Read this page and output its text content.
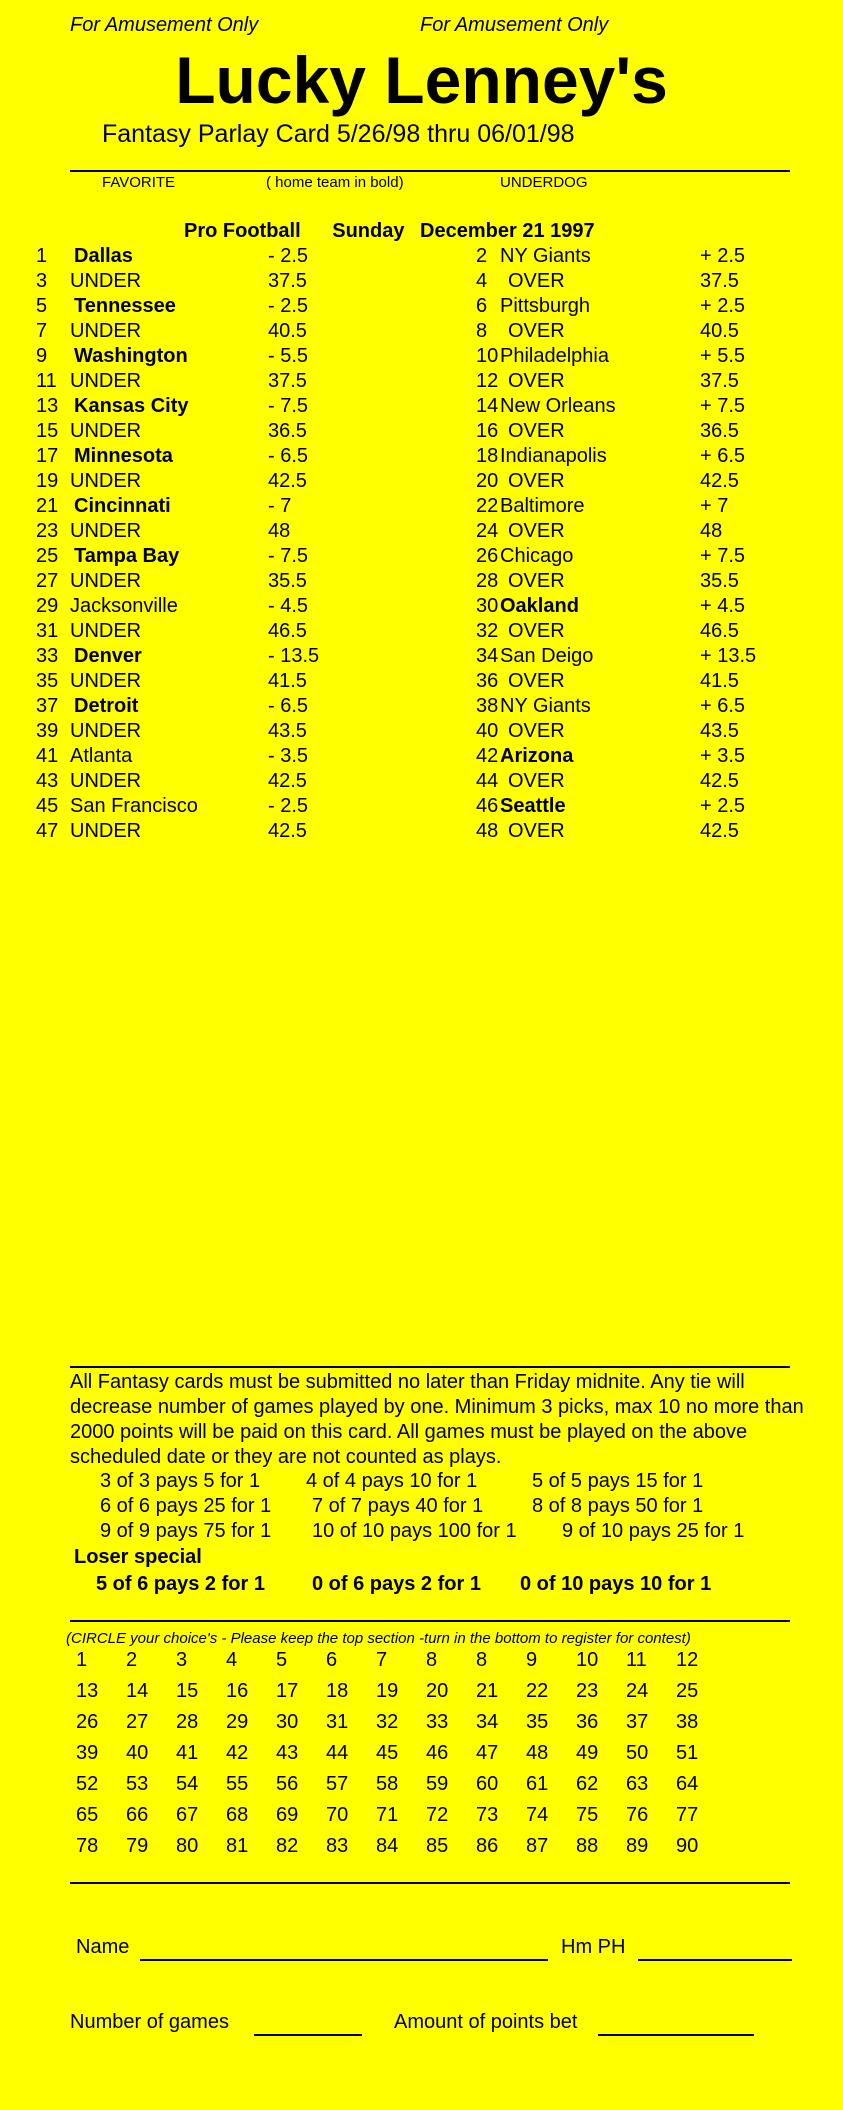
For Amusement Only	For Amusement Only
Lucky Lenney's
Fantasy Parlay Card 5/26/98 thru 06/01/98
FAVORITE	( home team in bold)	UNDERDOG
Pro Football Sunday December 21 1997
1 Dallas	- 2.5	2 NY Giants	+ 2.5
3 UNDER	37.5	4 OVER	37.5
5 Tennessee	- 2.5	6 Pittsburgh	+ 2.5
7 UNDER	40.5	8 OVER	40.5
9 Washington	- 5.5	10 Philadelphia	+ 5.5
11 UNDER	37.5	12 OVER	37.5
13 Kansas City	- 7.5	14 New Orleans	+ 7.5
15 UNDER	36.5	16 OVER	36.5
17 Minnesota	- 6.5	18 Indianapolis	+ 6.5
19 UNDER	42.5	20 OVER	42.5
21 Cincinnati	- 7	22 Baltimore	+ 7
23 UNDER	48	24 OVER	48
25 Tampa Bay	- 7.5	26 Chicago	+ 7.5
27 UNDER	35.5	28 OVER	35.5
29 Jacksonville	- 4.5	30 Oakland	+ 4.5
31 UNDER	46.5	32 OVER	46.5
33 Denver	- 13.5	34 San Deigo	+ 13.5
35 UNDER	41.5	36 OVER	41.5
37 Detroit	- 6.5	38 NY Giants	+ 6.5
39 UNDER	43.5	40 OVER	43.5
41 Atlanta	- 3.5	42 Arizona	+ 3.5
43 UNDER	42.5	44 OVER	42.5
45 San Francisco	- 2.5	46 Seattle	+ 2.5
47 UNDER	42.5	48 OVER	42.5
All Fantasy cards must be submitted no later than Friday midnite. Any tie will decrease number of games played by one. Minimum 3 picks, max 10 no more than 2000 points will be paid on this card. All games must be played on the above scheduled date or they are not counted as plays.
3 of 3 pays 5 for 1 4 of 4 pays 10 for 1	5 of 5 pays 15 for 1
6 of 6 pays 25 for 1 7 of 7 pays 40 for 1 8 of 8 pays 50 for 1
9 of 9 pays 75 for 1 10 of 10 pays 100 for 1 9 of 10 pays 25 for 1
Loser special
5 of 6 pays 2 for 1 0 of 6 pays 2 for 1 0 of 10 pays 10 for 1
(CIRCLE your choice's - Please keep the top section -turn in the bottom to register for contest)
1	2	3	4	5	6	7	8	8	9	10	11	12
13	14	15	16	17	18	19	20	21	22	23	24	25
26	27	28	29	30	31	32	33	34	35	36	37	38
39	40	41	42	43	44	45	46	47	48	49	50	51
52	53	54	55	56	57	58	59	60	61	62	63	64
65	66	67	68	69	70	71	72	73	74	75	76	77
78	79	80	81	82	83	84	85	86	87	88	89	90
Name	Hm PH
Number of games	Amount of points bet
